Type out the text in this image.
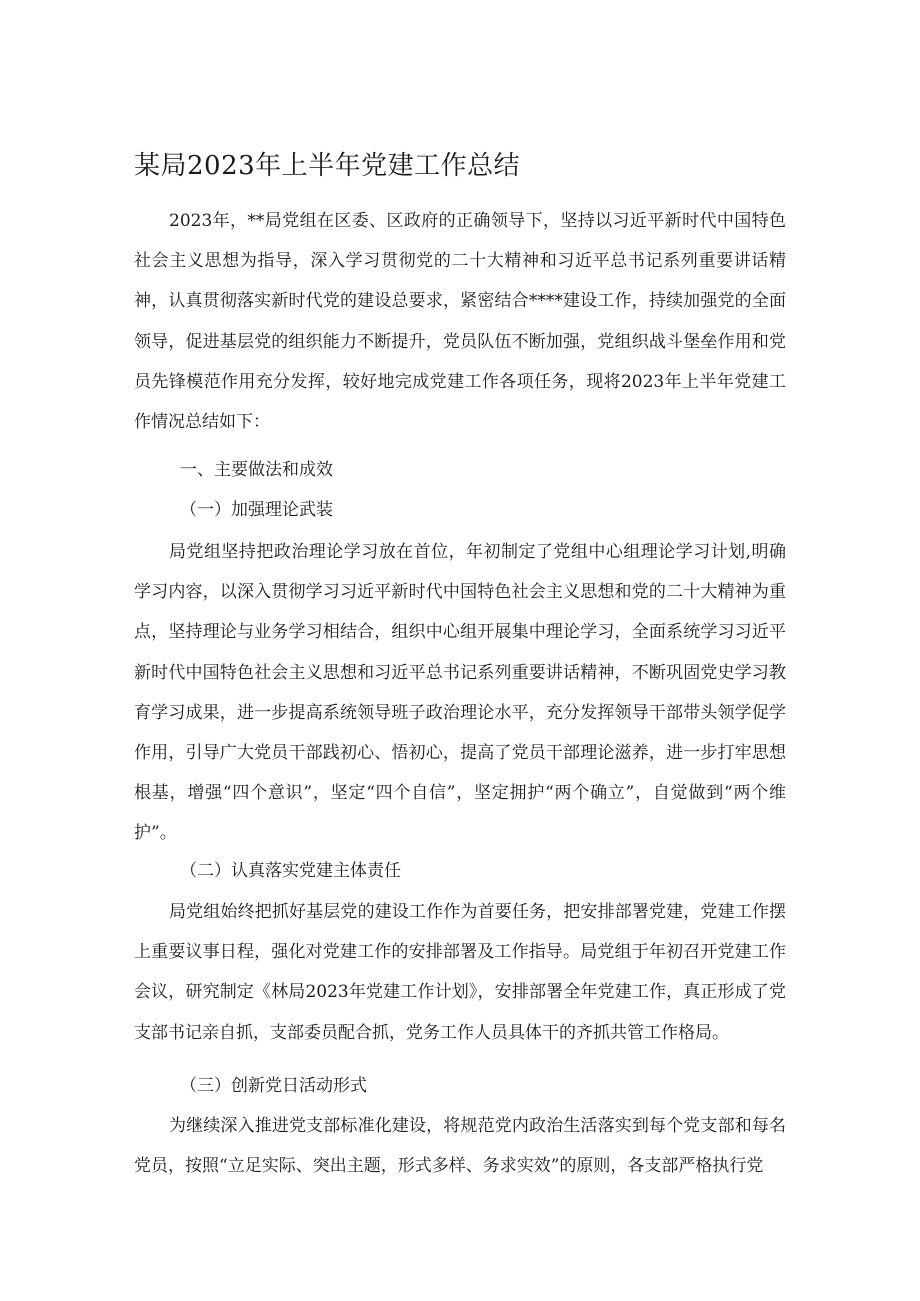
某局2023年上半年党建工作总结

2023年，**局党组在区委、区政府的正确领导下，坚持以习近平新时代中国特色社会主义思想为指导，深入学习贯彻党的二十大精神和习近平总书记系列重要讲话精神，认真贯彻落实新时代党的建设总要求，紧密结合****建设工作，持续加强党的全面领导，促进基层党的组织能力不断提升，党员队伍不断加强，党组织战斗堡垒作用和党员先锋模范作用充分发挥，较好地完成党建工作各项任务，现将2023年上半年党建工作情况总结如下：

一、主要做法和成效

（一）加强理论武装

局党组坚持把政治理论学习放在首位，年初制定了党组中心组理论学习计划,明确学习内容，以深入贯彻学习习近平新时代中国特色社会主义思想和党的二十大精神为重点，坚持理论与业务学习相结合，组织中心组开展集中理论学习，全面系统学习习近平新时代中国特色社会主义思想和习近平总书记系列重要讲话精神，不断巩固党史学习教育学习成果，进一步提高系统领导班子政治理论水平，充分发挥领导干部带头领学促学作用，引导广大党员干部践初心、悟初心，提高了党员干部理论滋养，进一步打牢思想根基，增强“四个意识”，坚定“四个自信”，坚定拥护“两个确立”，自觉做到“两个维护”。

（二）认真落实党建主体责任

局党组始终把抓好基层党的建设工作作为首要任务，把安排部署党建，党建工作摆上重要议事日程，强化对党建工作的安排部署及工作指导。局党组于年初召开党建工作会议，研究制定《林局2023年党建工作计划》，安排部署全年党建工作，真正形成了党支部书记亲自抓，支部委员配合抓，党务工作人员具体干的齐抓共管工作格局。

（三）创新党日活动形式

为继续深入推进党支部标准化建设，将规范党内政治生活落实到每个党支部和每名党员，按照“立足实际、突出主题，形式多样、务求实效”的原则，各支部严格执行党
